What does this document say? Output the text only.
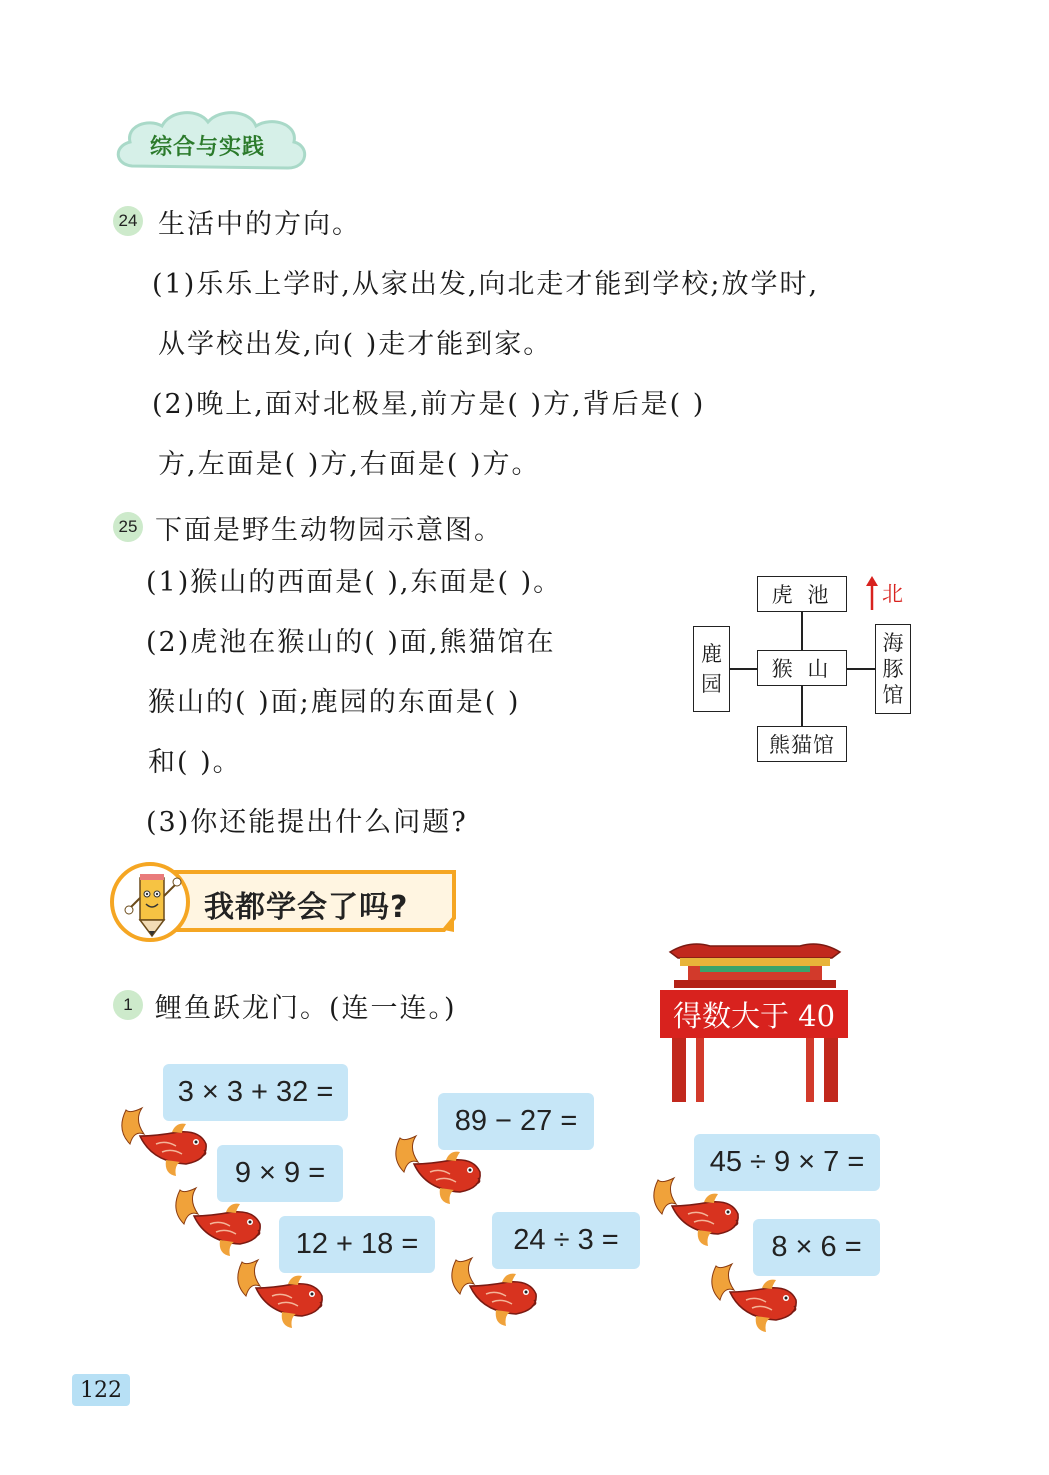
综合与实践
24 生活中的方向。
(1)乐乐上学时,从家出发,向北走才能到学校;放学时,
从学校出发,向( )走才能到家。
(2)晚上,面对北极星,前方是( )方,背后是( )
方,左面是( )方,右面是( )方。
25 下面是野生动物园示意图。
(1)猴山的西面是( ),东面是( )。
(2)虎池在猴山的( )面,熊猫馆在
猴山的( )面;鹿园的东面是( )
和( )。
(3)你还能提出什么问题?
虎 池
猴 山
熊猫馆
鹿
园
海
豚
馆
北
我都学会了吗?
1 鲤鱼跃龙门。(连一连。)	得数大于 40
3 × 3 + 32 =
9 × 9 =
12 + 18 =
89 − 27 =
24 ÷ 3 =
45 ÷ 9 × 7 =
8 × 6 =
122
